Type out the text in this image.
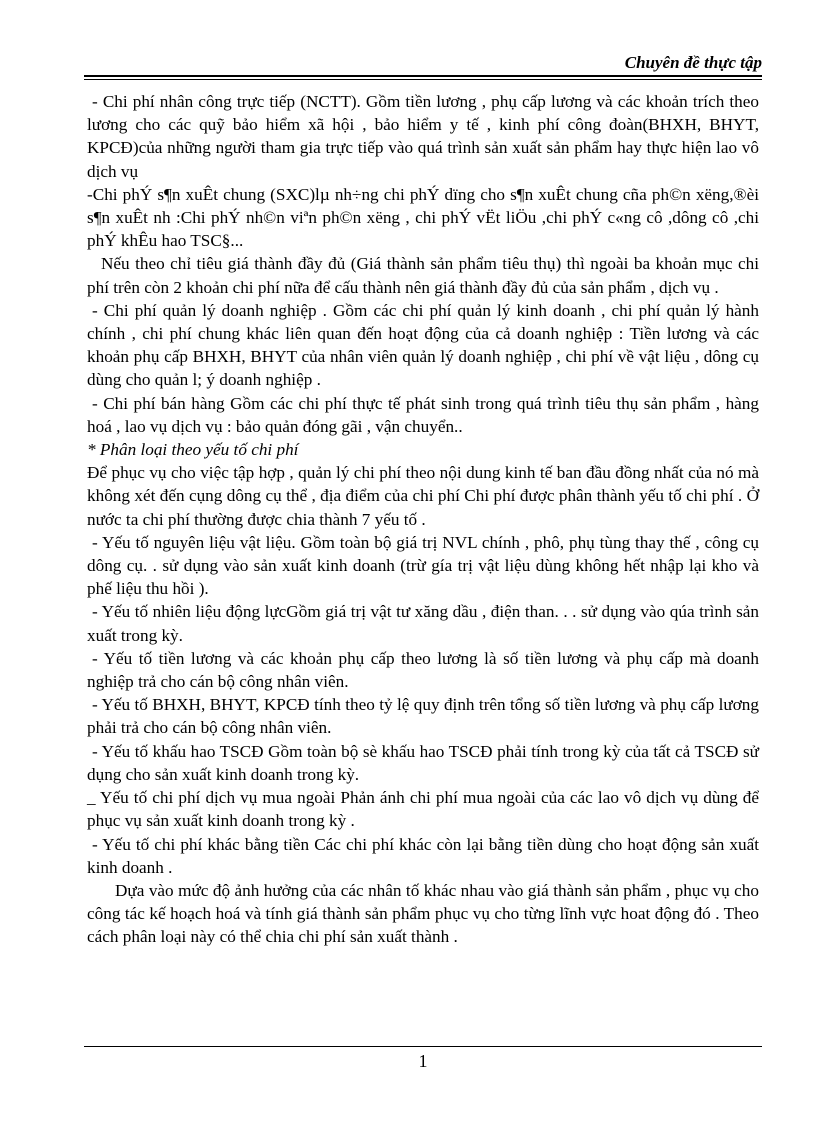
Chuyên đề thực tập

- Chi phí nhân công trực tiếp (NCTT). Gồm tiền lương , phụ cấp lương và các khoản trích theo lương cho các quỹ bảo hiểm xã hội , bảo hiểm y tế , kinh phí công đoàn(BHXH, BHYT, KPCĐ)của những người tham gia trực tiếp vào quá trình sản xuất sản phẩm hay thực hiện lao vô dịch vụ

-Chi phÝ s¶n xuÊt chung (SXC)lµ nh÷ng chi phÝ dïng cho s¶n xuÊt chung cña ph©n xëng,®èi s¶n xuÊt nh :Chi phÝ nh©n viªn ph©n xëng , chi phÝ vËt liÖu ,chi phÝ c«ng cô ,dông cô ,chi phÝ khÊu hao TSC§...

Nếu theo chỉ tiêu giá thành đầy đủ (Giá thành sản phẩm tiêu thụ) thì ngoài ba khoản mục chi phí trên còn 2 khoản chi phí nữa để cấu thành nên giá thành đầy đủ của sản phẩm , dịch vụ .

- Chi phí quản lý doanh nghiệp . Gồm các chi phí quản lý kinh doanh , chi phí quản lý hành chính , chi phí chung khác liên quan đến hoạt động của cả doanh nghiệp : Tiền lương và các khoản phụ cấp BHXH, BHYT của nhân viên quản lý doanh nghiệp , chi phí về vật liệu , dông cụ dùng cho quản l; ý doanh nghiệp .

- Chi phí bán hàng Gồm các chi phí thực tế phát sinh trong quá trình tiêu thụ sản phẩm , hàng hoá , lao vụ dịch vụ : bảo quản đóng gãi , vận chuyển..

* Phân loại theo yếu tố chi phí

Để phục vụ cho việc tập hợp , quản lý chi phí theo nội dung kinh tế ban đầu đồng nhất của nó mà không xét đến cụng dông cụ thể , địa điểm của chi phí Chi phí được phân thành yếu tố chi phí . Ở nước ta chi phí thường được chia thành 7 yếu tố .

- Yếu tố nguyên liệu vật liệu. Gồm toàn bộ giá trị NVL chính , phô, phụ tùng thay thế , công cụ dông cụ. . sử dụng vào sản xuất kinh doanh (trừ gía trị vật liệu dùng không hết nhập lại kho và phế liệu thu hồi ).

- Yếu tố nhiên liệu động lựcGồm giá trị vật tư xăng dầu , điện than. . . sử dụng vào qúa trình sản xuất trong kỳ.

- Yếu tố tiền lương và các khoản phụ cấp theo lương là số tiền lương và phụ cấp mà doanh nghiệp trả cho cán bộ công nhân viên.

- Yếu tố BHXH, BHYT, KPCĐ tính theo tỷ lệ quy định trên tổng số tiền lương và phụ cấp lương phải trả cho cán bộ công nhân viên.

- Yếu tố khấu hao TSCĐ Gồm toàn bộ sè khấu hao TSCĐ phải tính trong kỳ của tất cả TSCĐ sử dụng cho sản xuất kinh doanh trong kỳ.

_ Yếu tố chi phí dịch vụ mua ngoài Phản ánh chi phí mua ngoài của các lao vô dịch vụ dùng để phục vụ sản xuất kinh doanh trong kỳ .

- Yếu tố chi phí khác bằng tiền Các chi phí khác còn lại bằng tiền dùng cho hoạt động sản xuất kinh doanh .

Dựa vào mức độ ảnh hưởng của các nhân tố khác nhau vào giá thành sản phẩm , phục vụ cho công tác kế hoạch hoá và tính giá thành sản phẩm phục vụ cho từng lĩnh vực hoat động đó . Theo cách phân loại này có thể chia chi phí sản xuất thành .

1
